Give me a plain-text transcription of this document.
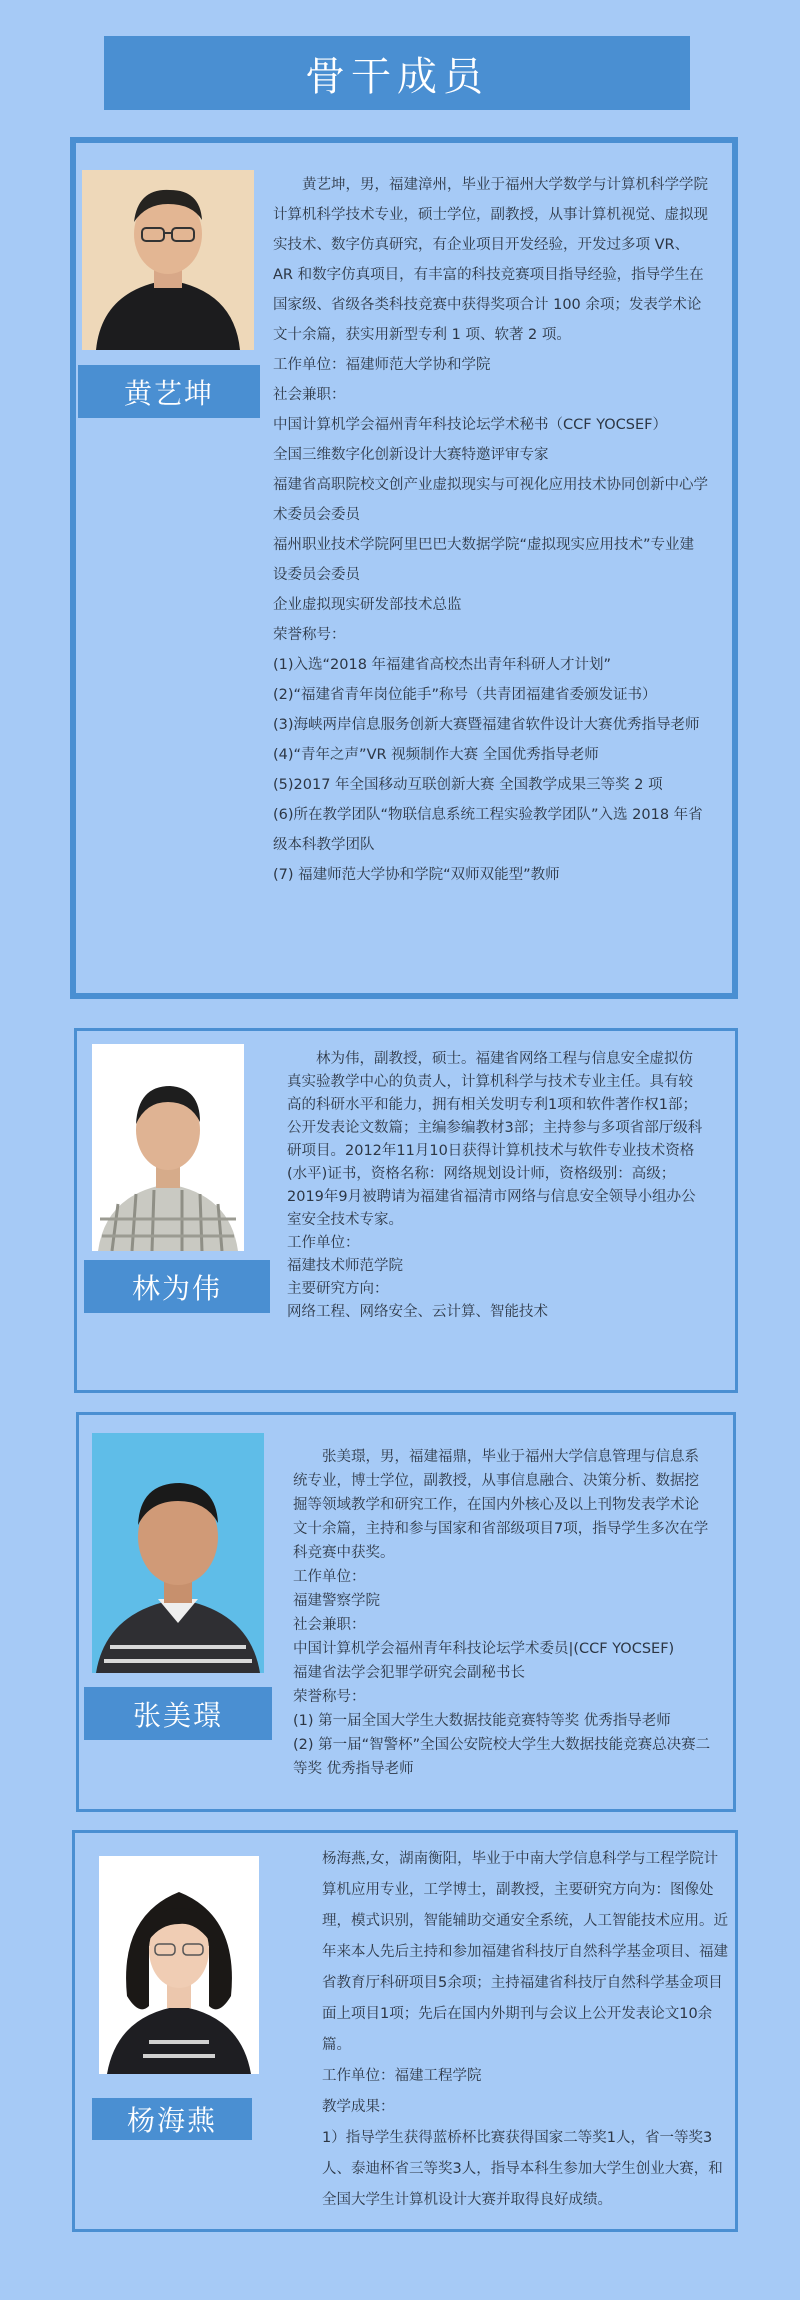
骨干成员
黄艺坤

黄艺坤，男，福建漳州，毕业于福州大学数学与计算机科学学院计算机科学技术专业，硕士学位，副教授，从事计算机视觉、虚拟现实技术、数字仿真研究，有企业项目开发经验，开发过多项 VR、AR 和数字仿真项目，有丰富的科技竞赛项目指导经验，指导学生在国家级、省级各类科技竞赛中获得奖项合计 100 余项；发表学术论文十余篇，获实用新型专利 1 项、软著 2 项。

工作单位：福建师范大学协和学院

社会兼职：

中国计算机学会福州青年科技论坛学术秘书（CCF YOCSEF）

全国三维数字化创新设计大赛特邀评审专家

福建省高职院校文创产业虚拟现实与可视化应用技术协同创新中心学术委员会委员

福州职业技术学院阿里巴巴大数据学院“虚拟现实应用技术”专业建设委员会委员

企业虚拟现实研发部技术总监

荣誉称号：

(1)入选“2018 年福建省高校杰出青年科研人才计划”

(2)“福建省青年岗位能手”称号（共青团福建省委颁发证书）

(3)海峡两岸信息服务创新大赛暨福建省软件设计大赛优秀指导老师

(4)“青年之声”VR 视频制作大赛 全国优秀指导老师

(5)2017 年全国移动互联创新大赛 全国教学成果三等奖 2 项

(6)所在教学团队“物联信息系统工程实验教学团队”入选 2018 年省级本科教学团队

(7) 福建师范大学协和学院“双师双能型”教师

林为伟

林为伟，副教授，硕士。福建省网络工程与信息安全虚拟仿真实验教学中心的负责人，计算机科学与技术专业主任。具有较高的科研水平和能力，拥有相关发明专利1项和软件著作权1部；公开发表论文数篇；主编参编教材3部；主持参与多项省部厅级科研项目。2012年11月10日获得计算机技术与软件专业技术资格(水平)证书，资格名称：网络规划设计师，资格级别：高级；2019年9月被聘请为福建省福清市网络与信息安全领导小组办公室安全技术专家。

工作单位：

福建技术师范学院

主要研究方向：

网络工程、网络安全、云计算、智能技术

张美璟

张美璟，男，福建福鼎，毕业于福州大学信息管理与信息系统专业，博士学位，副教授，从事信息融合、决策分析、数据挖掘等领域教学和研究工作，在国内外核心及以上刊物发表学术论文十余篇，主持和参与国家和省部级项目7项，指导学生多次在学科竞赛中获奖。

工作单位：

福建警察学院

社会兼职：

中国计算机学会福州青年科技论坛学术委员|(CCF YOCSEF)

福建省法学会犯罪学研究会副秘书长

荣誉称号：

(1) 第一届全国大学生大数据技能竞赛特等奖 优秀指导老师

(2) 第一届“智警杯”全国公安院校大学生大数据技能竞赛总决赛二等奖 优秀指导老师

杨海燕

杨海燕,女，湖南衡阳，毕业于中南大学信息科学与工程学院计算机应用专业，工学博士，副教授，主要研究方向为：图像处理，模式识别，智能辅助交通安全系统，人工智能技术应用。近年来本人先后主持和参加福建省科技厅自然科学基金项目、福建省教育厅科研项目5余项；主持福建省科技厅自然科学基金项目面上项目1项；先后在国内外期刊与会议上公开发表论文10余篇。

工作单位：福建工程学院

教学成果：

1）指导学生获得蓝桥杯比赛获得国家二等奖1人，省一等奖3人、泰迪杯省三等奖3人，指导本科生参加大学生创业大赛，和全国大学生计算机设计大赛并取得良好成绩。
